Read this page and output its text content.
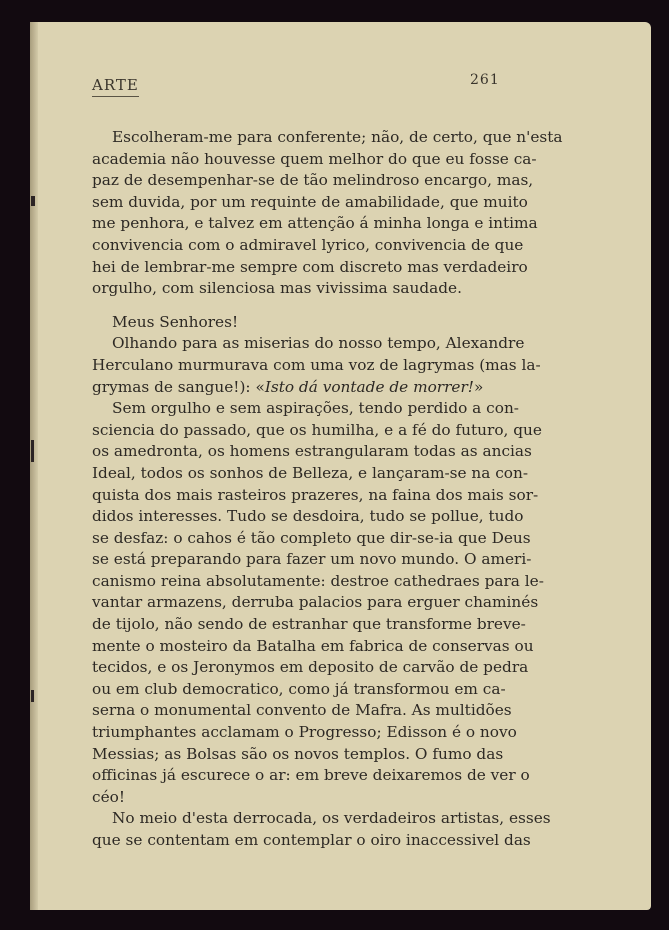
ARTE	261
Escolheram-me para conferente; não, de certo, que n'esta
academia não houvesse quem melhor do que eu fosse ca-
paz de desempenhar-se de tão melindroso encargo, mas,
sem duvida, por um requinte de amabilidade, que muito
me penhora, e talvez em attenção á minha longa e intima
convivencia com o admiravel lyrico, convivencia de que
hei de lembrar-me sempre com discreto mas verdadeiro
orgulho, com silenciosa mas vivissima saudade.
Meus Senhores!
Olhando para as miserias do nosso tempo, Alexandre
Herculano murmurava com uma voz de lagrymas (mas la-
grymas de sangue!): «Isto dá vontade de morrer!»
Sem orgulho e sem aspirações, tendo perdido a con-
sciencia do passado, que os humilha, e a fé do futuro, que
os amedronta, os homens estrangularam todas as ancias
Ideal, todos os sonhos de Belleza, e lançaram-se na con-
quista dos mais rasteiros prazeres, na faina dos mais sor-
didos interesses. Tudo se desdoira, tudo se pollue, tudo
se desfaz: o cahos é tão completo que dir-se-ia que Deus
se está preparando para fazer um novo mundo. O ameri-
canismo reina absolutamente: destroe cathedraes para le-
vantar armazens, derruba palacios para erguer chaminés
de tijolo, não sendo de estranhar que transforme breve-
mente o mosteiro da Batalha em fabrica de conservas ou
tecidos, e os Jeronymos em deposito de carvão de pedra
ou em club democratico, como já transformou em ca-
serna o monumental convento de Mafra. As multidões
triumphantes acclamam o Progresso; Edisson é o novo
Messias; as Bolsas são os novos templos. O fumo das
officinas já escurece o ar: em breve deixaremos de ver o
céo!
No meio d'esta derrocada, os verdadeiros artistas, esses
que se contentam em contemplar o oiro inaccessivel das
